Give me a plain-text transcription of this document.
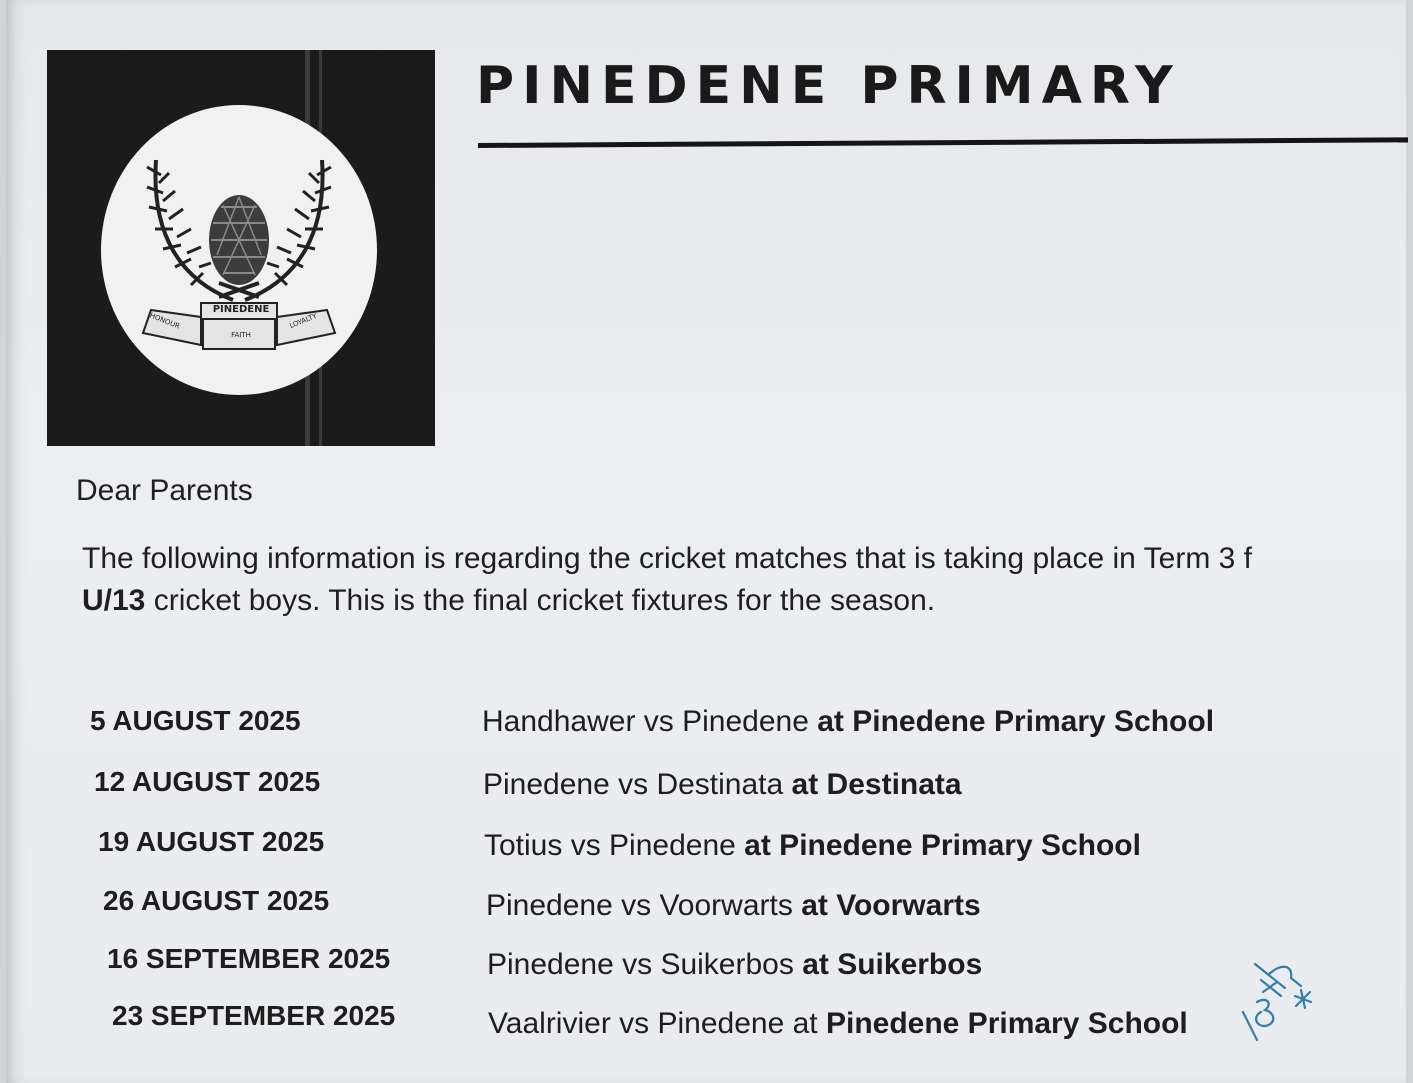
PINEDENE
HONOUR
FAITH
LOYALTY
PINEDENE PRIMARY
Dear Parents
The following information is regarding the cricket matches that is taking place in Term 3 f
U/13 cricket boys. This is the final cricket fixtures for the season.
5 AUGUST 2025	Handhawer vs Pinedene at Pinedene Primary School
12 AUGUST 2025	Pinedene vs Destinata at Destinata
19 AUGUST 2025	Totius vs Pinedene at Pinedene Primary School
26 AUGUST 2025	Pinedene vs Voorwarts at Voorwarts
16 SEPTEMBER 2025	Pinedene vs Suikerbos at Suikerbos
23 SEPTEMBER 2025	Vaalrivier vs Pinedene at Pinedene Primary School
